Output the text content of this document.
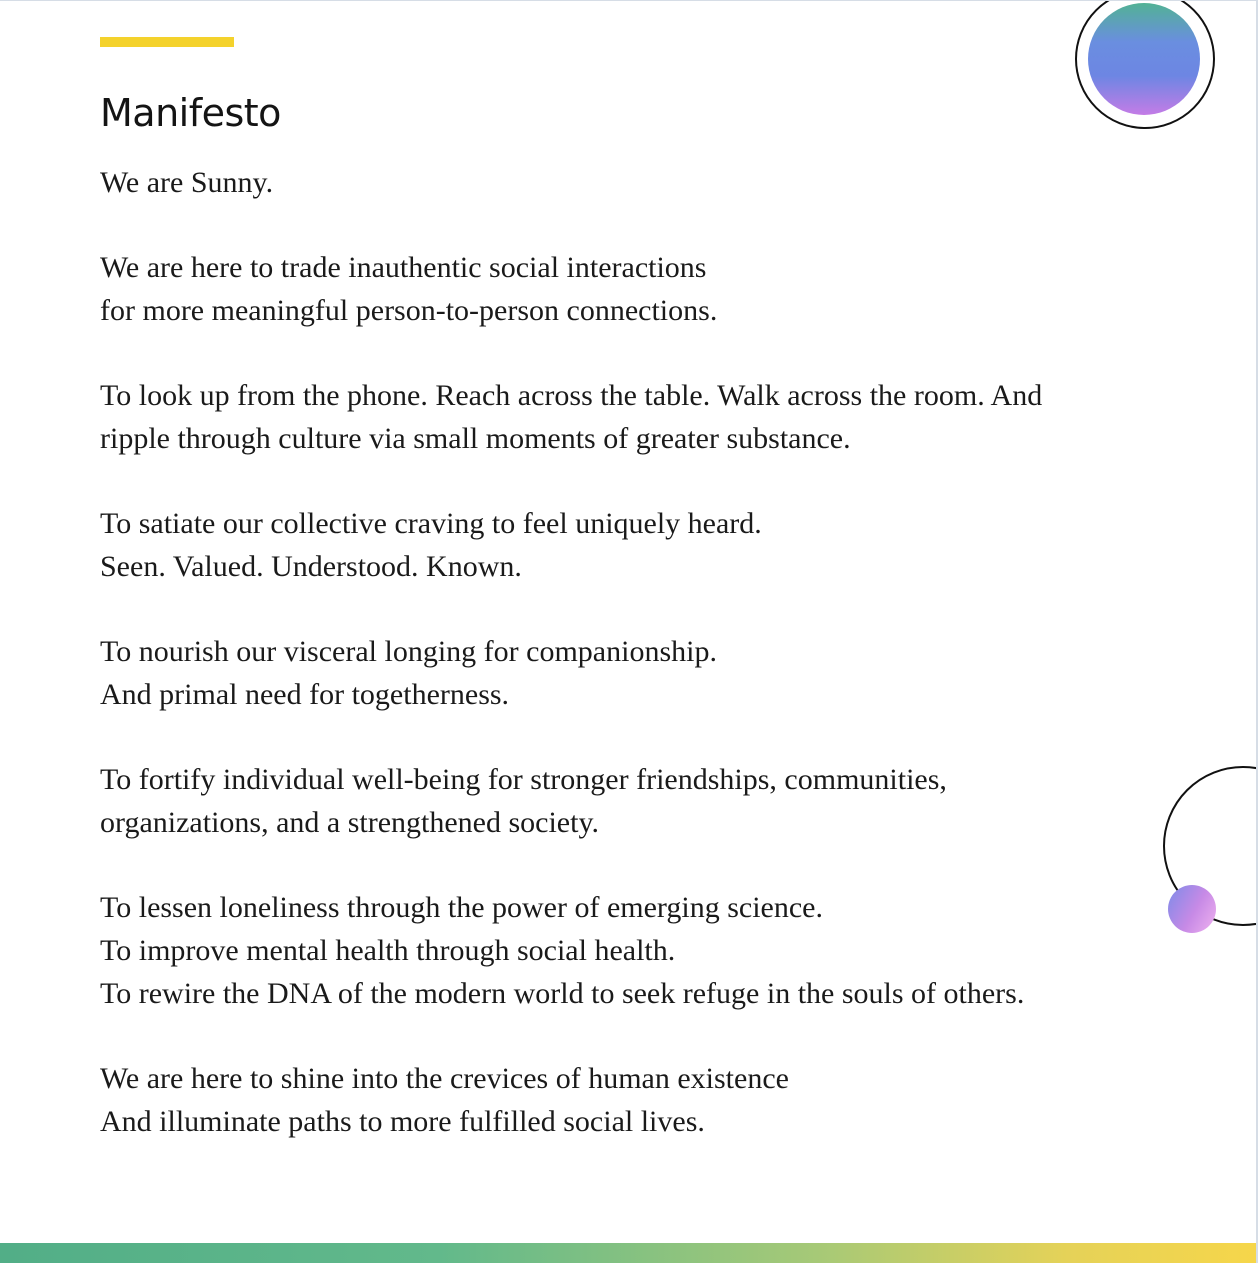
Manifesto

We are Sunny.

We are here to trade inauthentic social interactions
for more meaningful person-to-person connections.

To look up from the phone. Reach across the table. Walk across the room. And
ripple through culture via small moments of greater substance.

To satiate our collective craving to feel uniquely heard.
Seen. Valued. Understood. Known.

To nourish our visceral longing for companionship.
And primal need for togetherness.

To fortify individual well-being for stronger friendships, communities,
organizations, and a strengthened society.

To lessen loneliness through the power of emerging science.
To improve mental health through social health.
To rewire the DNA of the modern world to seek refuge in the souls of others.

We are here to shine into the crevices of human existence
And illuminate paths to more fulfilled social lives.
